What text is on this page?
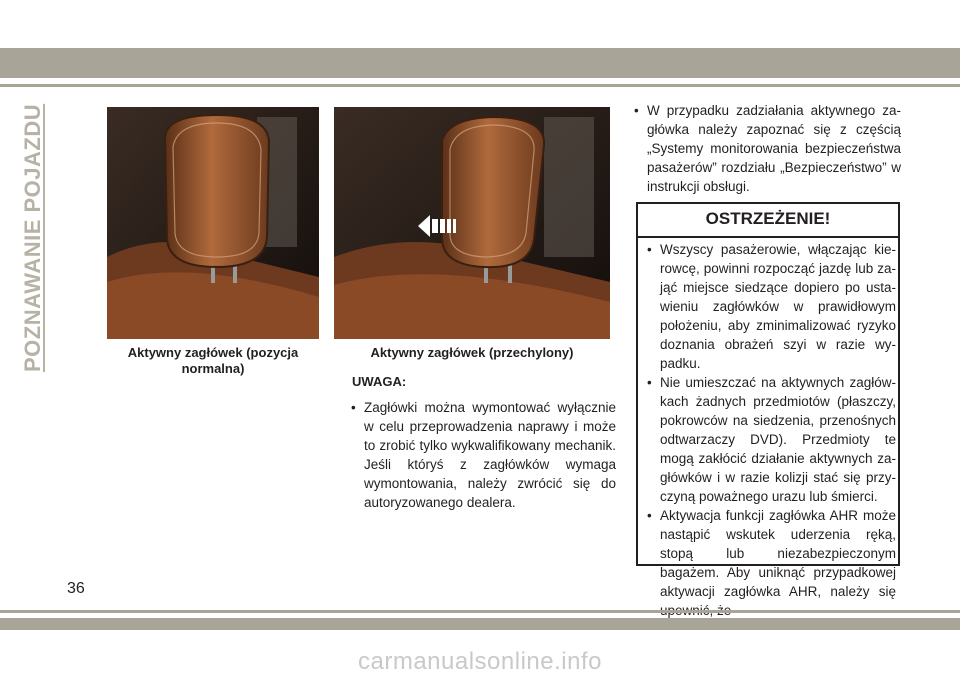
POZNAWANIE POJAZDU	Aktywny zagłówek (pozycja normalna)
Aktywny zagłówek (przechylony)
UWAGA:
• Zagłówki można wymontować wyłącznie w celu przeprowadzenia naprawy i może to zrobić tylko wykwalifikowany mechanik. Jeśli któryś z zagłówków wymaga wymontowania, należy zwrócić się do autoryzowanego dealera.
• W przypadku zadziałania aktywnego zagłówka należy zapoznać się z częścią „Systemy monitorowania bezpieczeństwa pasażerów” rozdziału „Bezpieczeństwo” w instrukcji obsługi.
OSTRZEŻENIE!
• Wszyscy pasażerowie, włączając kierowcę, powinni rozpocząć jazdę lub zająć miejsce siedzące dopiero po ustawieniu zagłówków w prawidłowym położeniu, aby zminimalizować ryzyko doznania obrażeń szyi w razie wypadku.
• Nie umieszczać na aktywnych zagłówkach żadnych przedmiotów (płaszczy, pokrowców na siedzenia, przenośnych odtwarzaczy DVD). Przedmioty te mogą zakłócić działanie aktywnych zagłówków i w razie kolizji stać się przyczyną poważnego urazu lub śmierci.
• Aktywacja funkcji zagłówka AHR może nastąpić wskutek uderzenia ręką, stopą lub niezabezpieczonym bagażem. Aby uniknąć przypadkowej aktywacji zagłówka AHR, należy się
36
carmanualsonline.info
